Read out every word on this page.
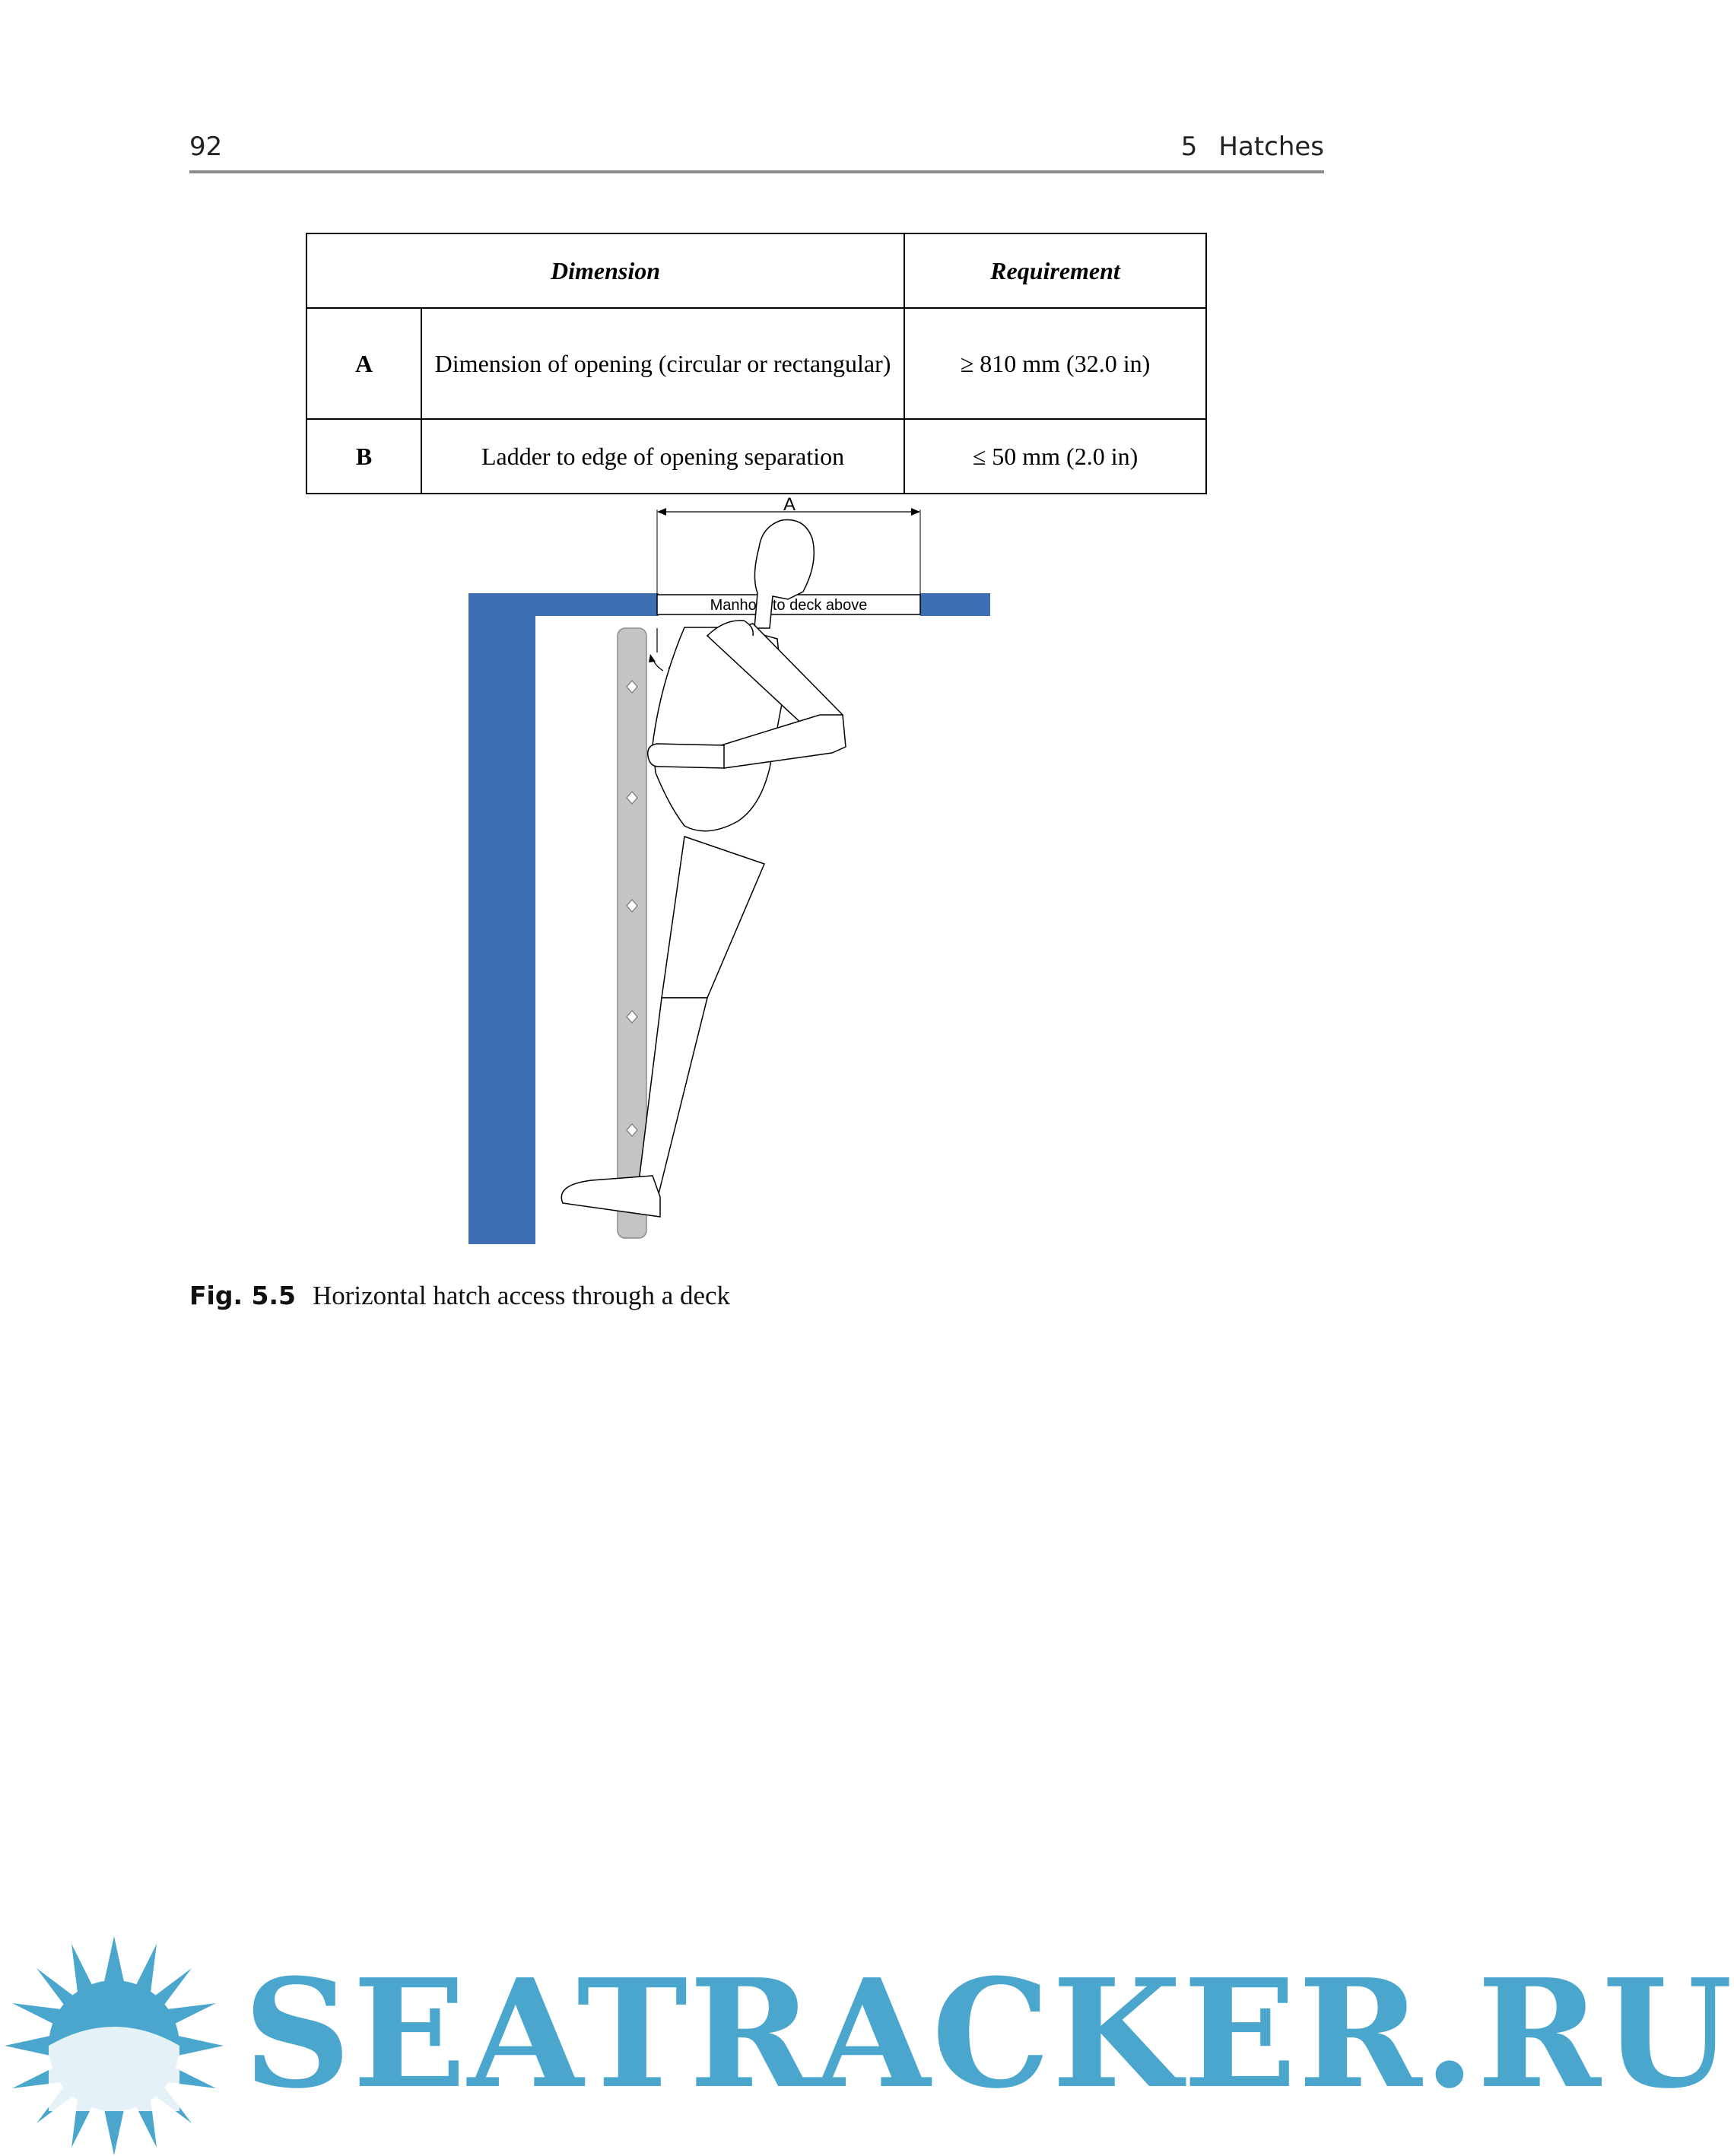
92	5 Hatches
Dimension		Requirement
A	Dimension of opening (circular or rectangular)	≥ 810 mm (32.0 in)
B	Ladder to edge of opening separation	≤ 50 mm (2.0 in)
Manhole to deck above
A
Fig. 5.5 Horizontal hatch access through a deck
SEATRACKER.RU
